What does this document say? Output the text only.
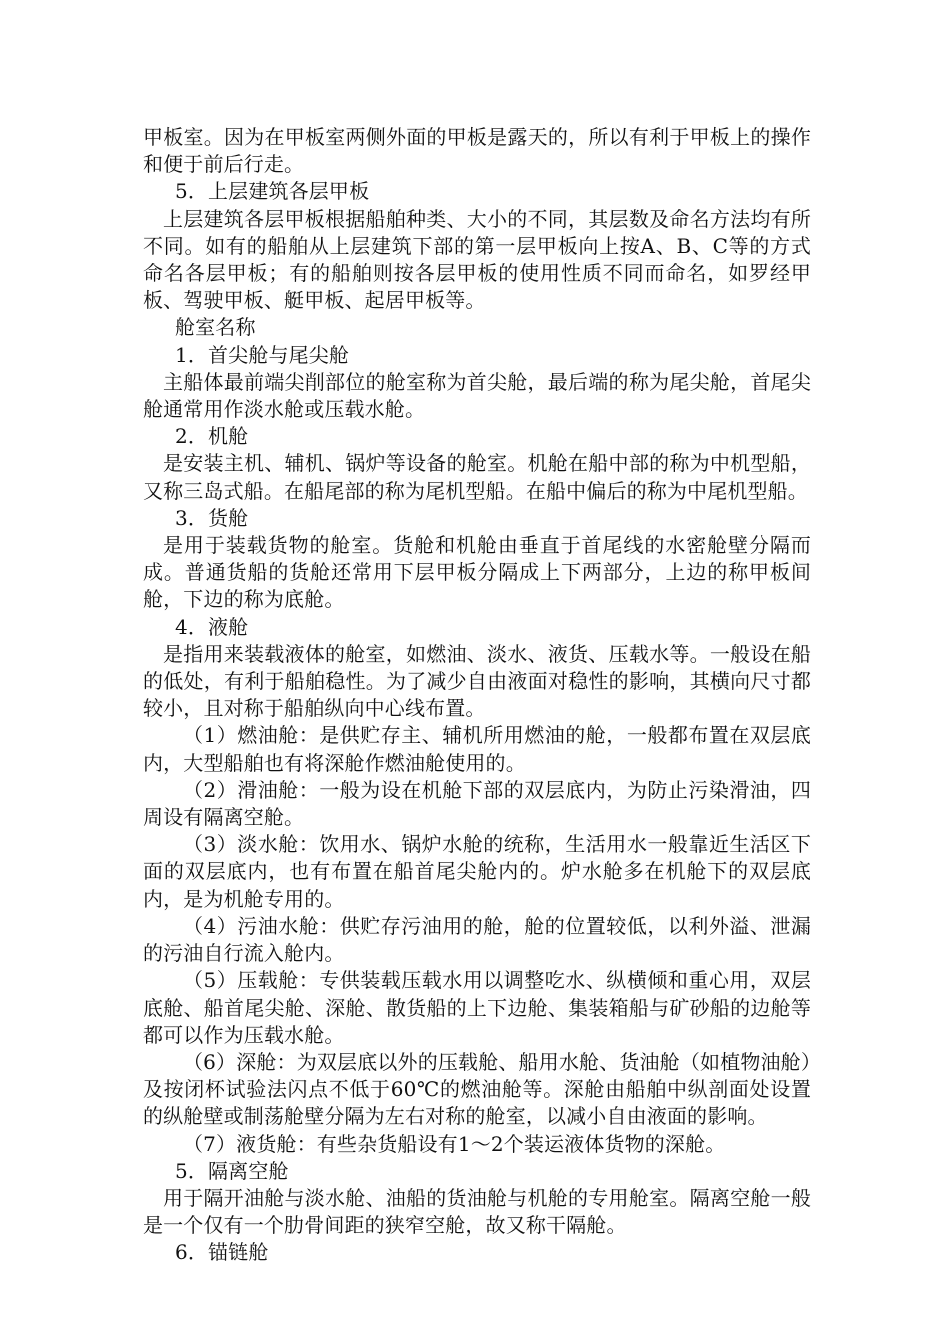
甲板室。因为在甲板室两侧外面的甲板是露天的，所以有利于甲板上的操作和便于前后行走。

5．上层建筑各层甲板

上层建筑各层甲板根据船舶种类、大小的不同，其层数及命名方法均有所不同。如有的船舶从上层建筑下部的第一层甲板向上按A、B、C等的方式命名各层甲板；有的船舶则按各层甲板的使用性质不同而命名，如罗经甲板、驾驶甲板、艇甲板、起居甲板等。

舱室名称

1．首尖舱与尾尖舱

主船体最前端尖削部位的舱室称为首尖舱，最后端的称为尾尖舱，首尾尖舱通常用作淡水舱或压载水舱。

2．机舱

是安装主机、辅机、锅炉等设备的舱室。机舱在船中部的称为中机型船，又称三岛式船。在船尾部的称为尾机型船。在船中偏后的称为中尾机型船。

3．货舱

是用于装载货物的舱室。货舱和机舱由垂直于首尾线的水密舱壁分隔而成。普通货船的货舱还常用下层甲板分隔成上下两部分，上边的称甲板间舱，下边的称为底舱。

4．液舱

是指用来装载液体的舱室，如燃油、淡水、液货、压载水等。一般设在船的低处，有利于船舶稳性。为了减少自由液面对稳性的影响，其横向尺寸都较小，且对称于船舶纵向中心线布置。

（1）燃油舱：是供贮存主、辅机所用燃油的舱，一般都布置在双层底内，大型船舶也有将深舱作燃油舱使用的。

（2）滑油舱：一般为设在机舱下部的双层底内，为防止污染滑油，四周设有隔离空舱。

（3）淡水舱：饮用水、锅炉水舱的统称，生活用水一般靠近生活区下面的双层底内，也有布置在船首尾尖舱内的。炉水舱多在机舱下的双层底内，是为机舱专用的。

（4）污油水舱：供贮存污油用的舱，舱的位置较低，以利外溢、泄漏的污油自行流入舱内。

（5）压载舱：专供装载压载水用以调整吃水、纵横倾和重心用，双层底舱、船首尾尖舱、深舱、散货船的上下边舱、集装箱船与矿砂船的边舱等都可以作为压载水舱。

（6）深舱：为双层底以外的压载舱、船用水舱、货油舱（如植物油舱）及按闭杯试验法闪点不低于60℃的燃油舱等。深舱由船舶中纵剖面处设置的纵舱壁或制荡舱壁分隔为左右对称的舱室，以减小自由液面的影响。

（7）液货舱：有些杂货船设有1～2个装运液体货物的深舱。

5．隔离空舱

用于隔开油舱与淡水舱、油船的货油舱与机舱的专用舱室。隔离空舱一般是一个仅有一个肋骨间距的狭窄空舱，故又称干隔舱。

6．锚链舱
